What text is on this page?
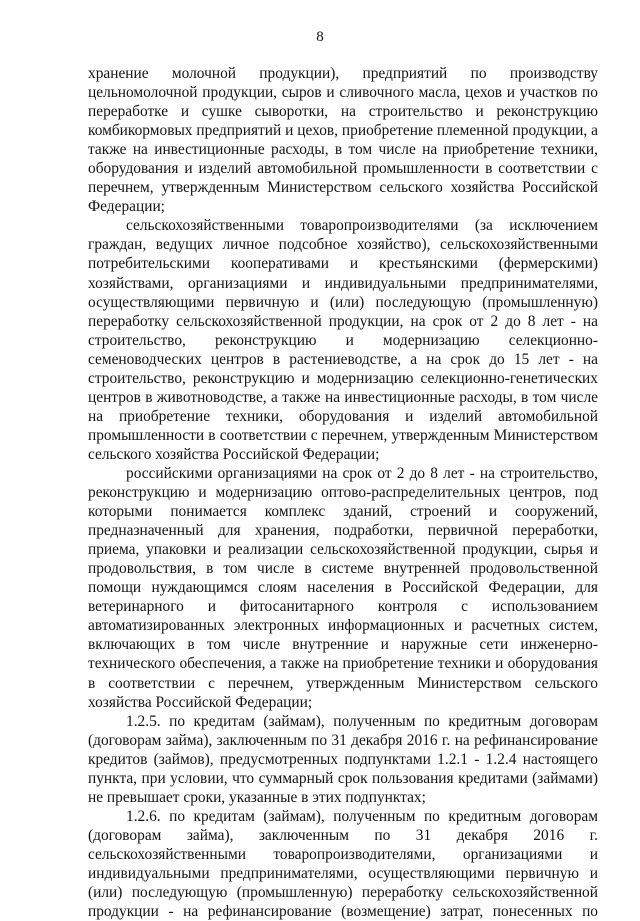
8

хранение молочной продукции), предприятий по производству цельномолочной продукции, сыров и сливочного масла, цехов и участков по переработке и сушке сыворотки, на строительство и реконструкцию комбикормовых предприятий и цехов, приобретение племенной продукции, а также на инвестиционные расходы, в том числе на приобретение техники, оборудования и изделий автомобильной промышленности в соответствии с перечнем, утвержденным Министерством сельского хозяйства Российской Федерации;

сельскохозяйственными товаропроизводителями (за исключением граждан, ведущих личное подсобное хозяйство), сельскохозяйственными потребительскими кооперативами и крестьянскими (фермерскими) хозяйствами, организациями и индивидуальными предпринимателями, осуществляющими первичную и (или) последующую (промышленную) переработку сельскохозяйственной продукции, на срок от 2 до 8 лет - на строительство, реконструкцию и модернизацию селекционно-семеноводческих центров в растениеводстве, а на срок до 15 лет - на строительство, реконструкцию и модернизацию селекционно-генетических центров в животноводстве, а также на инвестиционные расходы, в том числе на приобретение техники, оборудования и изделий автомобильной промышленности в соответствии с перечнем, утвержденным Министерством сельского хозяйства Российской Федерации;

российскими организациями на срок от 2 до 8 лет - на строительство, реконструкцию и модернизацию оптово-распределительных центров, под которыми понимается комплекс зданий, строений и сооружений, предназначенный для хранения, подработки, первичной переработки, приема, упаковки и реализации сельскохозяйственной продукции, сырья и продовольствия, в том числе в системе внутренней продовольственной помощи нуждающимся слоям населения в Российской Федерации, для ветеринарного и фитосанитарного контроля с использованием автоматизированных электронных информационных и расчетных систем, включающих в том числе внутренние и наружные сети инженерно-технического обеспечения, а также на приобретение техники и оборудования в соответствии с перечнем, утвержденным Министерством сельского хозяйства Российской Федерации;

1.2.5. по кредитам (займам), полученным по кредитным договорам (договорам займа), заключенным по 31 декабря 2016 г. на рефинансирование кредитов (займов), предусмотренных подпунктами 1.2.1 - 1.2.4 настоящего пункта, при условии, что суммарный срок пользования кредитами (займами) не превышает сроки, указанные в этих подпунктах;

1.2.6. по кредитам (займам), полученным по кредитным договорам (договорам займа), заключенным по 31 декабря 2016 г. сельскохозяйственными товаропроизводителями, организациями и индивидуальными предпринимателями, осуществляющими первичную и (или) последующую (промышленную) переработку сельскохозяйственной продукции - на рефинансирование (возмещение) затрат, понесенных по
